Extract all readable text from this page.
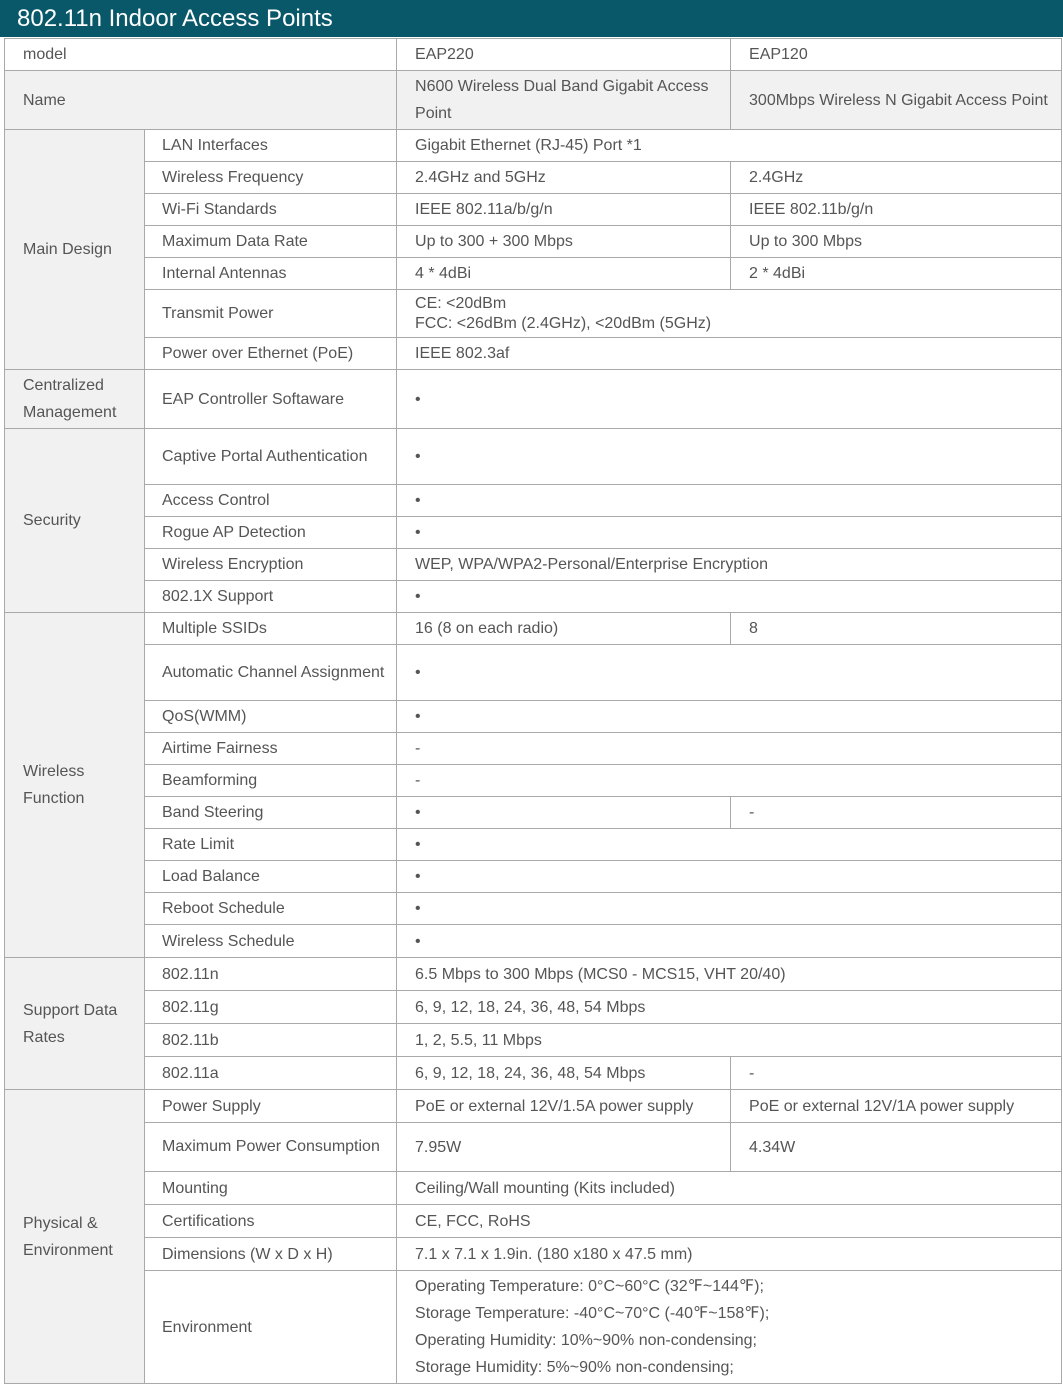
802.11n Indoor Access Points
model		EAP220	EAP120
Name		N600 Wireless Dual Band Gigabit Access Point	300Mbps Wireless N Gigabit Access Point
Main Design	LAN Interfaces	Gigabit Ethernet (RJ-45) Port *1	
	Wireless Frequency	2.4GHz and 5GHz	2.4GHz
	Wi-Fi Standards	IEEE 802.11a/b/g/n	IEEE 802.11b/g/n
	Maximum Data Rate	Up to 300 + 300 Mbps	Up to 300 Mbps
	Internal Antennas	4 * 4dBi	2 * 4dBi
	Transmit Power	CE: <20dBm
FCC: <26dBm (2.4GHz), <20dBm (5GHz)	

	Power over Ethernet (PoE)	IEEE 802.3af	
Centralized Management	EAP Controller Softaware	•	
Security	Captive Portal Authentication	•	
	Access Control	•	
	Rogue AP Detection	•	
	Wireless Encryption	WEP, WPA/WPA2-Personal/Enterprise Encryption	
	802.1X Support	•	
Wireless Function	Multiple SSIDs	16 (8 on each radio)	8
	Automatic Channel Assignment	•	
	QoS(WMM)	•	
	Airtime Fairness	-	
	Beamforming	-	
	Band Steering	•	-
	Rate Limit	•	
	Load Balance	•	
	Reboot Schedule	•	
	Wireless Schedule	•	
Support Data Rates	802.11n	6.5 Mbps to 300 Mbps (MCS0 - MCS15, VHT 20/40)	
	802.11g	6, 9, 12, 18, 24, 36, 48, 54 Mbps	
	802.11b	1, 2, 5.5, 11 Mbps	
	802.11a	6, 9, 12, 18, 24, 36, 48, 54 Mbps	-
Physical & Environment	Power Supply	PoE or external 12V/1.5A power supply	PoE or external 12V/1A power supply
	Maximum Power Consumption	7.95W	4.34W
	Mounting	Ceiling/Wall mounting (Kits included)	
	Certifications	CE, FCC, RoHS	
	Dimensions (W x D x H)	7.1 x 7.1 x 1.9in. (180 x180 x 47.5 mm)	
	Environment	Operating Temperature: 0°C~60°C (32℉~144℉);
Storage Temperature: -40°C~70°C (-40℉~158℉);
Operating Humidity: 10%~90% non-condensing;
Storage Humidity: 5%~90% non-condensing;	
